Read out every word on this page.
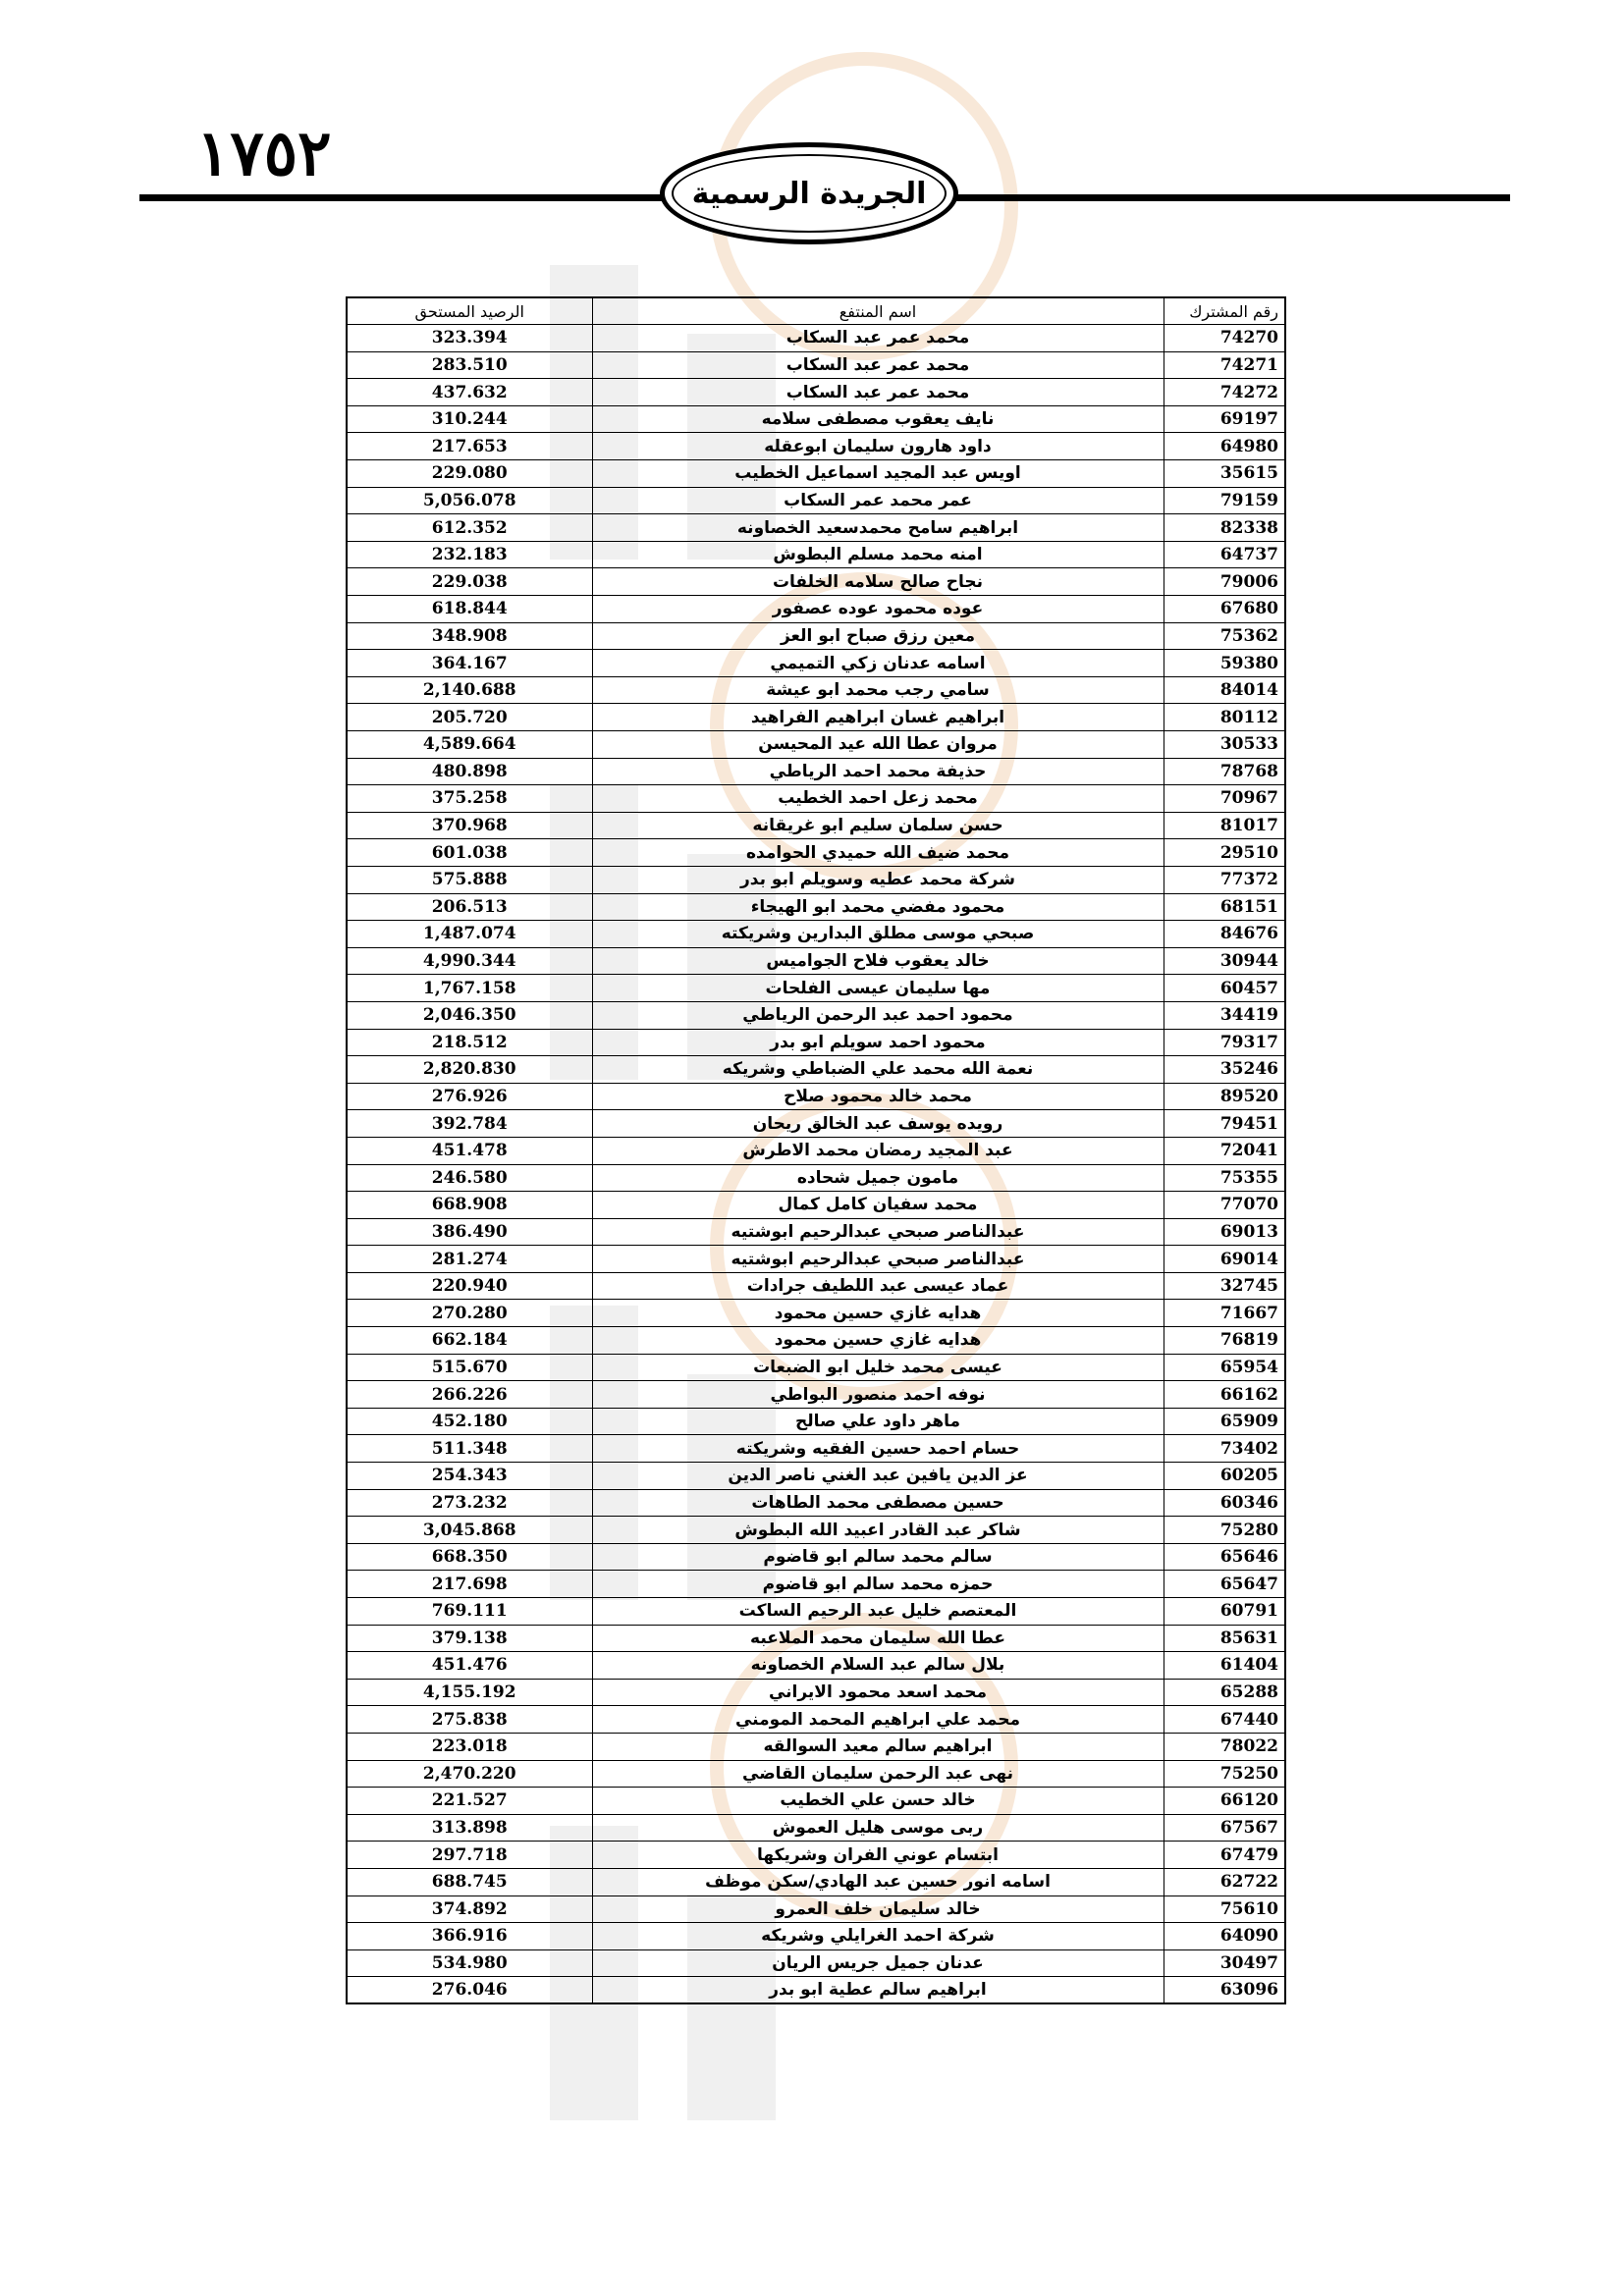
١٧٥٢
الجريدة الرسمية
رقم المشترك	اسم المنتفع	الرصيد المستحق
74270	محمد عمر عبد السكاب	323.394
74271	محمد عمر عبد السكاب	283.510
74272	محمد عمر عبد السكاب	437.632
69197	نايف يعقوب مصطفى سلامه	310.244
64980	داود هارون سليمان ابوعقله	217.653
35615	اويس عبد المجيد اسماعيل الخطيب	229.080
79159	عمر محمد عمر السكاب	5,056.078
82338	ابراهيم سامح محمدسعيد الخصاونه	612.352
64737	امنه محمد مسلم البطوش	232.183
79006	نجاح صالح سلامه الخلفات	229.038
67680	عوده محمود عوده عصفور	618.844
75362	معين رزق صباح ابو العز	348.908
59380	اسامه عدنان زكي التميمي	364.167
84014	سامي رجب محمد ابو عيشة	2,140.688
80112	ابراهيم غسان ابراهيم الفراهيد	205.720
30533	مروان عطا الله عيد المحيسن	4,589.664
78768	حذيفة محمد احمد الرياطي	480.898
70967	محمد زعل احمد الخطيب	375.258
81017	حسن سلمان سليم ابو غريقانه	370.968
29510	محمد ضيف الله حميدي الحوامده	601.038
77372	شركة محمد عطيه وسويلم ابو بدر	575.888
68151	محمود مفضي محمد ابو الهيجاء	206.513
84676	صبحي موسى مطلق البدارين وشريكته	1,487.074
30944	خالد يعقوب فلاح الجواميس	4,990.344
60457	مها سليمان عيسى الفلحات	1,767.158
34419	محمود احمد عبد الرحمن الرياطي	2,046.350
79317	محمود احمد سويلم ابو بدر	218.512
35246	نعمة الله محمد علي الضباطي وشريكه	2,820.830
89520	محمد خالد محمود صلاح	276.926
79451	رويده يوسف عبد الخالق ريحان	392.784
72041	عبد المجيد رمضان محمد الاطرش	451.478
75355	مامون جميل شحاده	246.580
77070	محمد سفيان كامل كمال	668.908
69013	عبدالناصر صبحي عبدالرحيم ابوشتيه	386.490
69014	عبدالناصر صبحي عبدالرحيم ابوشتيه	281.274
32745	عماد عيسى عبد اللطيف جرادات	220.940
71667	هدايه غازي حسين محمود	270.280
76819	هدايه غازي حسين محمود	662.184
65954	عيسى محمد خليل ابو الضبعات	515.670
66162	نوفه احمد منصور البواطي	266.226
65909	ماهر داود علي صالح	452.180
73402	حسام احمد حسين الفقيه وشريكته	511.348
60205	عز الدين يافين عبد الغني ناصر الدين	254.343
60346	حسين مصطفى محمد الطاهات	273.232
75280	شاكر عبد القادر اعبيد الله البطوش	3,045.868
65646	سالم محمد سالم ابو قاضوم	668.350
65647	حمزه محمد سالم ابو قاضوم	217.698
60791	المعتصم خليل عبد الرحيم الساكت	769.111
85631	عطا الله سليمان محمد الملاعبه	379.138
61404	بلال سالم عبد السلام الخصاونه	451.476
65288	محمد اسعد محمود الايراني	4,155.192
67440	محمد علي ابراهيم المحمد المومني	275.838
78022	ابراهيم سالم معيد السوالقه	223.018
75250	نهى عبد الرحمن سليمان القاضي	2,470.220
66120	خالد حسن علي الخطيب	221.527
67567	ربى موسى هليل العموش	313.898
67479	ابتسام عوني الفران وشريكها	297.718
62722	اسامه انور حسين عبد الهادي/سكن موظف	688.745
75610	خالد سليمان خلف العمرو	374.892
64090	شركة احمد الغرايلي وشريكه	366.916
30497	عدنان جميل جريس الريان	534.980
63096	ابراهيم سالم عطية ابو بدر	276.046
